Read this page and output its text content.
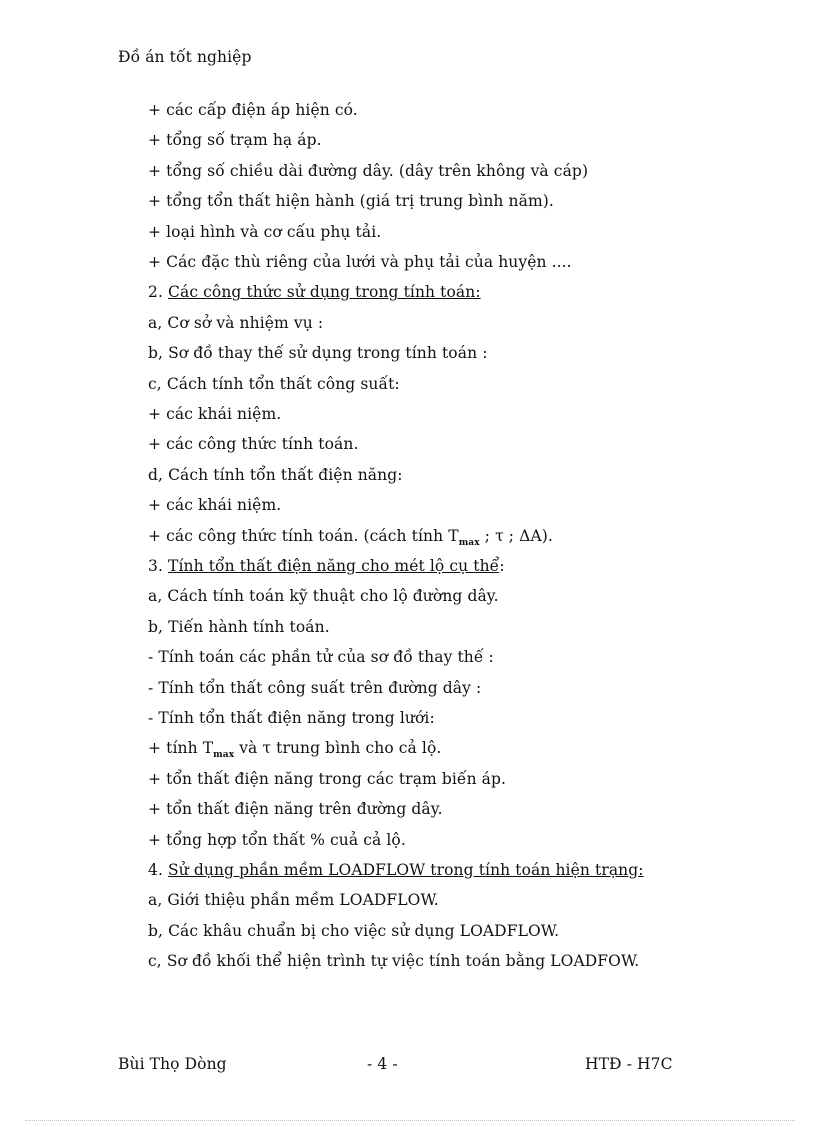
Đồ án tốt nghiệp
+ các cấp điện áp hiện có.
+ tổng số trạm hạ áp.
+ tổng số chiều dài đường dây. (dây trên không và cáp)
+ tổng tổn thất hiện hành (giá trị trung bình năm).
+ loại hình và cơ cấu phụ tải.
+ Các đặc thù riêng của lưới và phụ tải của huyện ....
2. Các công thức sử dụng trong tính toán:
a, Cơ sở và nhiệm vụ :
b, Sơ đồ thay thế sử dụng trong tính toán :
c, Cách tính tổn thất công suất:
+ các khái niệm.
+ các công thức tính toán.
d, Cách tính tổn thất điện năng:
+ các khái niệm.
+ các công thức tính toán. (cách tính $T_{max}$ ; τ ; ΔA).
3. Tính tổn thất điện năng cho mét lộ cụ thể:
a, Cách tính toán kỹ thuật cho lộ đường dây.
b, Tiến hành tính toán.
- Tính toán các phần tử của sơ đồ thay thế :
- Tính tổn thất công suất trên đường dây :
- Tính tổn thất điện năng trong lưới:
+ tính $T_{max}$ và τ trung bình cho cả lộ.
+ tổn thất điện năng trong các trạm biến áp.
+ tổn thất điện năng trên đường dây.
+ tổng hợp tổn thất % cuả cả lộ.
4. Sử dụng phần mềm LOADFLOW trong tính toán hiện trạng:
a, Giới thiệu phần mềm LOADFLOW.
b, Các khâu chuẩn bị cho việc sử dụng LOADFLOW.
c, Sơ đồ khối thể hiện trình tự việc tính toán bằng LOADFOW.
Bùi Thọ Dòng	- 4 -	HTĐ - H7C
